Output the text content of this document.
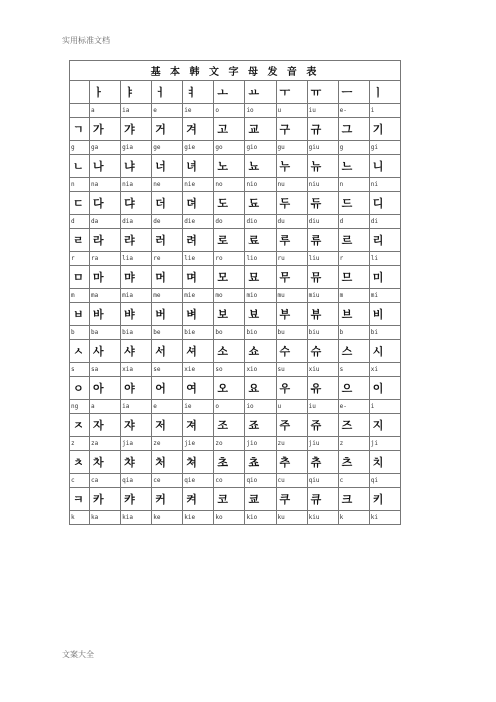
实用标准文档
基 本 韩 文 字 母 发 音 表										
	ㅏ	ㅑ	ㅓ	ㅕ	ㅗ	ㅛ	ㅜ	ㅠ	ㅡ	ㅣ
	a	ia	e	ie	o	io	u	iu	e-	i
ㄱ	가	갸	거	겨	고	교	구	규	그	기
g	ga	gia	ge	gie	go	gio	gu	giu	g	gi
ㄴ	나	냐	너	녀	노	뇨	누	뉴	느	니
n	na	nia	ne	nie	no	nio	nu	niu	n	ni
ㄷ	다	댜	더	뎌	도	됴	두	듀	드	디
d	da	dia	de	die	do	dio	du	diu	d	di
ㄹ	라	랴	러	려	로	료	루	류	르	리
r	ra	lia	re	lie	ro	lio	ru	liu	r	li
ㅁ	마	먀	머	며	모	묘	무	뮤	므	미
m	ma	mia	me	mie	mo	mio	mu	miu	m	mi
ㅂ	바	뱌	버	벼	보	뵤	부	뷰	브	비
b	ba	bia	be	bie	bo	bio	bu	biu	b	bi
ㅅ	사	샤	서	셔	소	쇼	수	슈	스	시
s	sa	xia	se	xie	so	xio	su	xiu	s	xi
ㅇ	아	야	어	여	오	요	우	유	으	이
ng	a	ia	e	ie	o	io	u	iu	e-	i
ㅈ	자	쟈	저	져	조	죠	주	쥬	즈	지
z	za	jia	ze	jie	zo	jio	zu	jiu	z	ji
ㅊ	차	챠	처	쳐	초	쵸	추	츄	츠	치
c	ca	qia	ce	qie	co	qio	cu	qiu	c	qi
ㅋ	카	캬	커	켜	코	쿄	쿠	큐	크	키
k	ka	kia	ke	kie	ko	kio	ku	kiu	k	ki
文案大全
